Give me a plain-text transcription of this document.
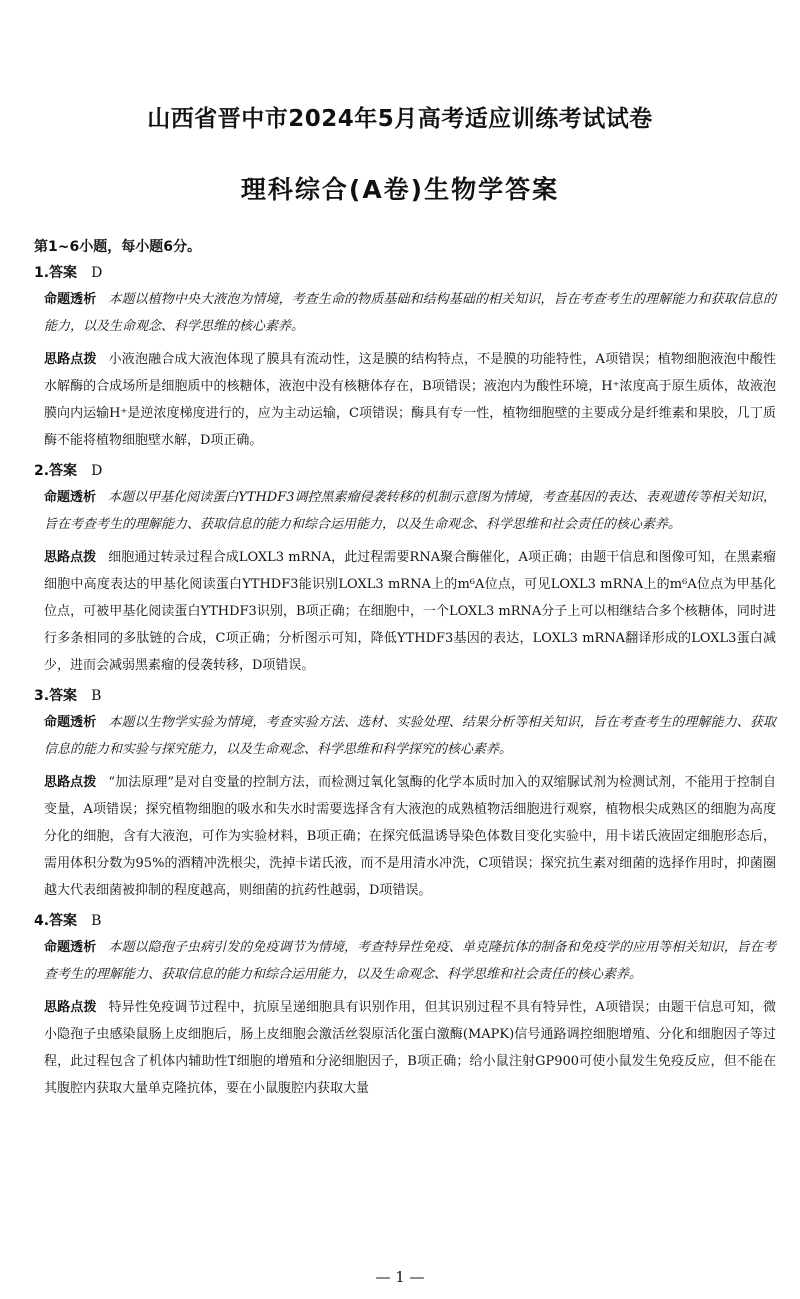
山西省晋中市2024年5月高考适应训练考试试卷
理科综合(A卷)生物学答案
第1~6小题，每小题6分。
1.答案 D

命题透析 本题以植物中央大液泡为情境，考查生命的物质基础和结构基础的相关知识，旨在考查考生的理解能力和获取信息的能力，以及生命观念、科学思维的核心素养。

思路点拨 小液泡融合成大液泡体现了膜具有流动性，这是膜的结构特点，不是膜的功能特性，A项错误；植物细胞液泡中酸性水解酶的合成场所是细胞质中的核糖体，液泡中没有核糖体存在，B项错误；液泡内为酸性环境，H⁺浓度高于原生质体，故液泡膜向内运输H⁺是逆浓度梯度进行的，应为主动运输，C项错误；酶具有专一性，植物细胞壁的主要成分是纤维素和果胶，几丁质酶不能将植物细胞壁水解，D项正确。

2.答案 D

命题透析 本题以甲基化阅读蛋白YTHDF3调控黑素瘤侵袭转移的机制示意图为情境，考查基因的表达、表观遗传等相关知识，旨在考查考生的理解能力、获取信息的能力和综合运用能力，以及生命观念、科学思维和社会责任的核心素养。

思路点拨 细胞通过转录过程合成LOXL3 mRNA，此过程需要RNA聚合酶催化，A项正确；由题干信息和图像可知，在黑素瘤细胞中高度表达的甲基化阅读蛋白YTHDF3能识别LOXL3 mRNA上的m⁶A位点，可见LOXL3 mRNA上的m⁶A位点为甲基化位点，可被甲基化阅读蛋白YTHDF3识别，B项正确；在细胞中，一个LOXL3 mRNA分子上可以相继结合多个核糖体，同时进行多条相同的多肽链的合成，C项正确；分析图示可知，降低YTHDF3基因的表达，LOXL3 mRNA翻译形成的LOXL3蛋白减少，进而会减弱黑素瘤的侵袭转移，D项错误。

3.答案 B

命题透析 本题以生物学实验为情境，考查实验方法、选材、实验处理、结果分析等相关知识，旨在考查考生的理解能力、获取信息的能力和实验与探究能力，以及生命观念、科学思维和科学探究的核心素养。

思路点拨 “加法原理”是对自变量的控制方法，而检测过氧化氢酶的化学本质时加入的双缩脲试剂为检测试剂，不能用于控制自变量，A项错误；探究植物细胞的吸水和失水时需要选择含有大液泡的成熟植物活细胞进行观察，植物根尖成熟区的细胞为高度分化的细胞，含有大液泡，可作为实验材料，B项正确；在探究低温诱导染色体数目变化实验中，用卡诺氏液固定细胞形态后，需用体积分数为95%的酒精冲洗根尖，洗掉卡诺氏液，而不是用清水冲洗，C项错误；探究抗生素对细菌的选择作用时，抑菌圈越大代表细菌被抑制的程度越高，则细菌的抗药性越弱，D项错误。

4.答案 B

命题透析 本题以隐孢子虫病引发的免疫调节为情境，考查特异性免疫、单克隆抗体的制备和免疫学的应用等相关知识，旨在考查考生的理解能力、获取信息的能力和综合运用能力，以及生命观念、科学思维和社会责任的核心素养。

思路点拨 特异性免疫调节过程中，抗原呈递细胞具有识别作用，但其识别过程不具有特异性，A项错误；由题干信息可知，微小隐孢子虫感染鼠肠上皮细胞后，肠上皮细胞会激活丝裂原活化蛋白激酶(MAPK)信号通路调控细胞增殖、分化和细胞因子等过程，此过程包含了机体内辅助性T细胞的增殖和分泌细胞因子，B项正确；给小鼠注射GP900可使小鼠发生免疫反应，但不能在其腹腔内获取大量单克隆抗体，要在小鼠腹腔内获取大量

— 1 —
